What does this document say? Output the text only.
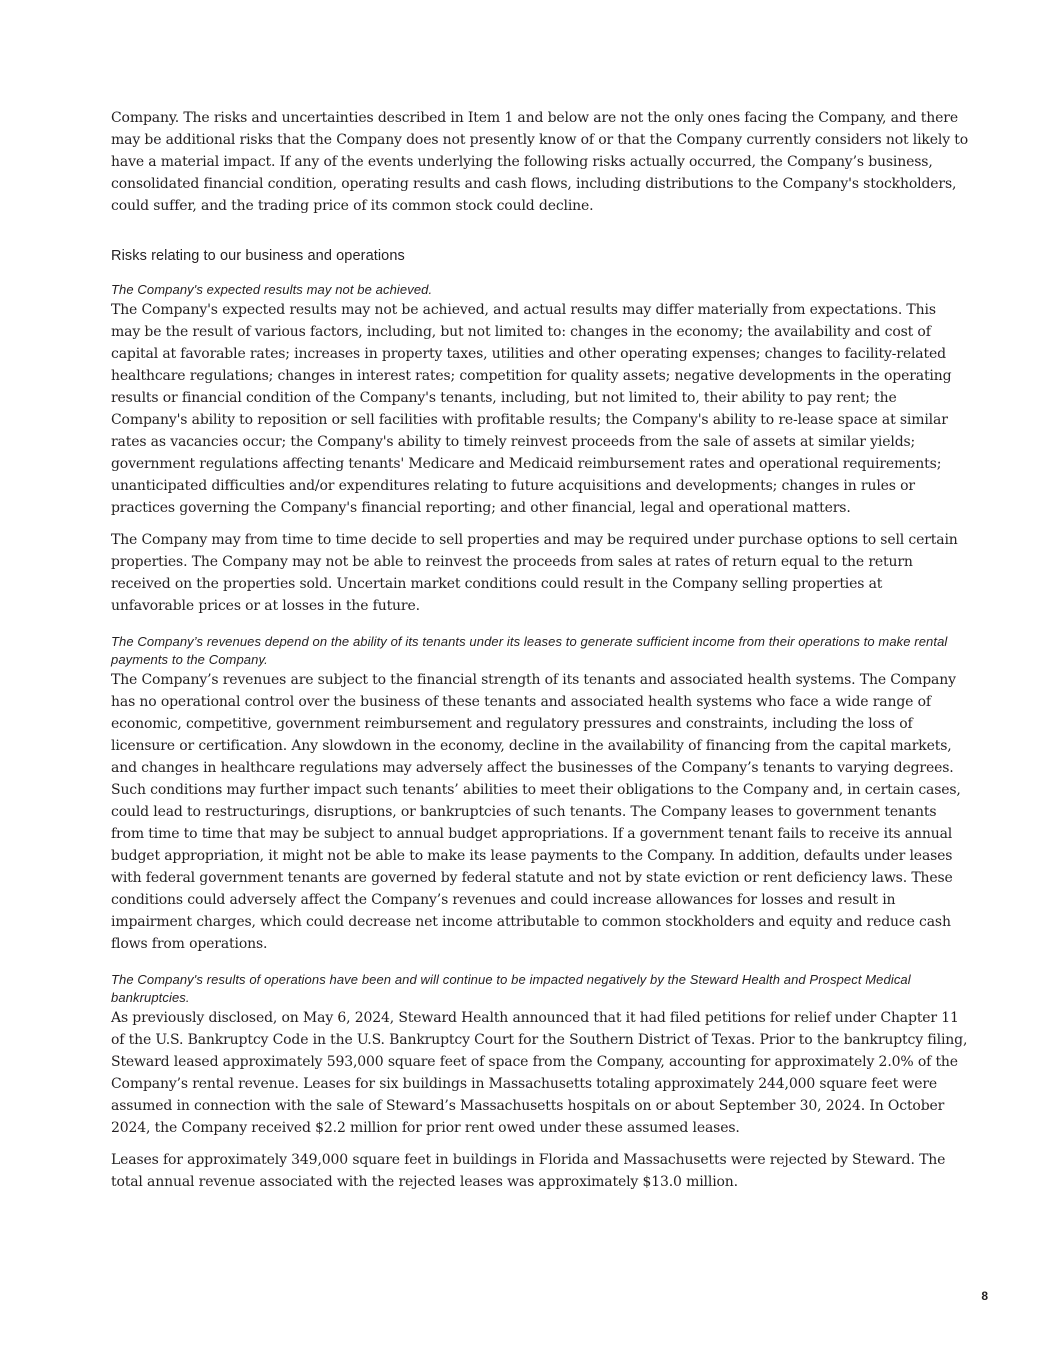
Company. The risks and uncertainties described in Item 1 and below are not the only ones facing the Company, and there may be additional risks that the Company does not presently know of or that the Company currently considers not likely to have a material impact. If any of the events underlying the following risks actually occurred, the Company’s business, consolidated financial condition, operating results and cash flows, including distributions to the Company's stockholders, could suffer, and the trading price of its common stock could decline.

Risks relating to our business and operations
The Company's expected results may not be achieved.

The Company's expected results may not be achieved, and actual results may differ materially from expectations. This may be the result of various factors, including, but not limited to: changes in the economy; the availability and cost of capital at favorable rates; increases in property taxes, utilities and other operating expenses; changes to facility-related healthcare regulations; changes in interest rates; competition for quality assets; negative developments in the operating results or financial condition of the Company's tenants, including, but not limited to, their ability to pay rent; the Company's ability to reposition or sell facilities with profitable results; the Company's ability to re-lease space at similar rates as vacancies occur; the Company's ability to timely reinvest proceeds from the sale of assets at similar yields; government regulations affecting tenants' Medicare and Medicaid reimbursement rates and operational requirements; unanticipated difficulties and/or expenditures relating to future acquisitions and developments; changes in rules or practices governing the Company's financial reporting; and other financial, legal and operational matters.

The Company may from time to time decide to sell properties and may be required under purchase options to sell certain properties. The Company may not be able to reinvest the proceeds from sales at rates of return equal to the return received on the properties sold. Uncertain market conditions could result in the Company selling properties at unfavorable prices or at losses in the future.

The Company’s revenues depend on the ability of its tenants under its leases to generate sufficient income from their operations to make rental payments to the Company.

The Company’s revenues are subject to the financial strength of its tenants and associated health systems. The Company has no operational control over the business of these tenants and associated health systems who face a wide range of economic, competitive, government reimbursement and regulatory pressures and constraints, including the loss of licensure or certification. Any slowdown in the economy, decline in the availability of financing from the capital markets, and changes in healthcare regulations may adversely affect the businesses of the Company’s tenants to varying degrees. Such conditions may further impact such tenants’ abilities to meet their obligations to the Company and, in certain cases, could lead to restructurings, disruptions, or bankruptcies of such tenants. The Company leases to government tenants from time to time that may be subject to annual budget appropriations. If a government tenant fails to receive its annual budget appropriation, it might not be able to make its lease payments to the Company. In addition, defaults under leases with federal government tenants are governed by federal statute and not by state eviction or rent deficiency laws. These conditions could adversely affect the Company’s revenues and could increase allowances for losses and result in impairment charges, which could decrease net income attributable to common stockholders and equity and reduce cash flows from operations.

The Company's results of operations have been and will continue to be impacted negatively by the Steward Health and Prospect Medical bankruptcies.

As previously disclosed, on May 6, 2024, Steward Health announced that it had filed petitions for relief under Chapter 11 of the U.S. Bankruptcy Code in the U.S. Bankruptcy Court for the Southern District of Texas. Prior to the bankruptcy filing, Steward leased approximately 593,000 square feet of space from the Company, accounting for approximately 2.0% of the Company’s rental revenue. Leases for six buildings in Massachusetts totaling approximately 244,000 square feet were assumed in connection with the sale of Steward’s Massachusetts hospitals on or about September 30, 2024. In October 2024, the Company received $2.2 million for prior rent owed under these assumed leases.

Leases for approximately 349,000 square feet in buildings in Florida and Massachusetts were rejected by Steward. The total annual revenue associated with the rejected leases was approximately $13.0 million.

8
